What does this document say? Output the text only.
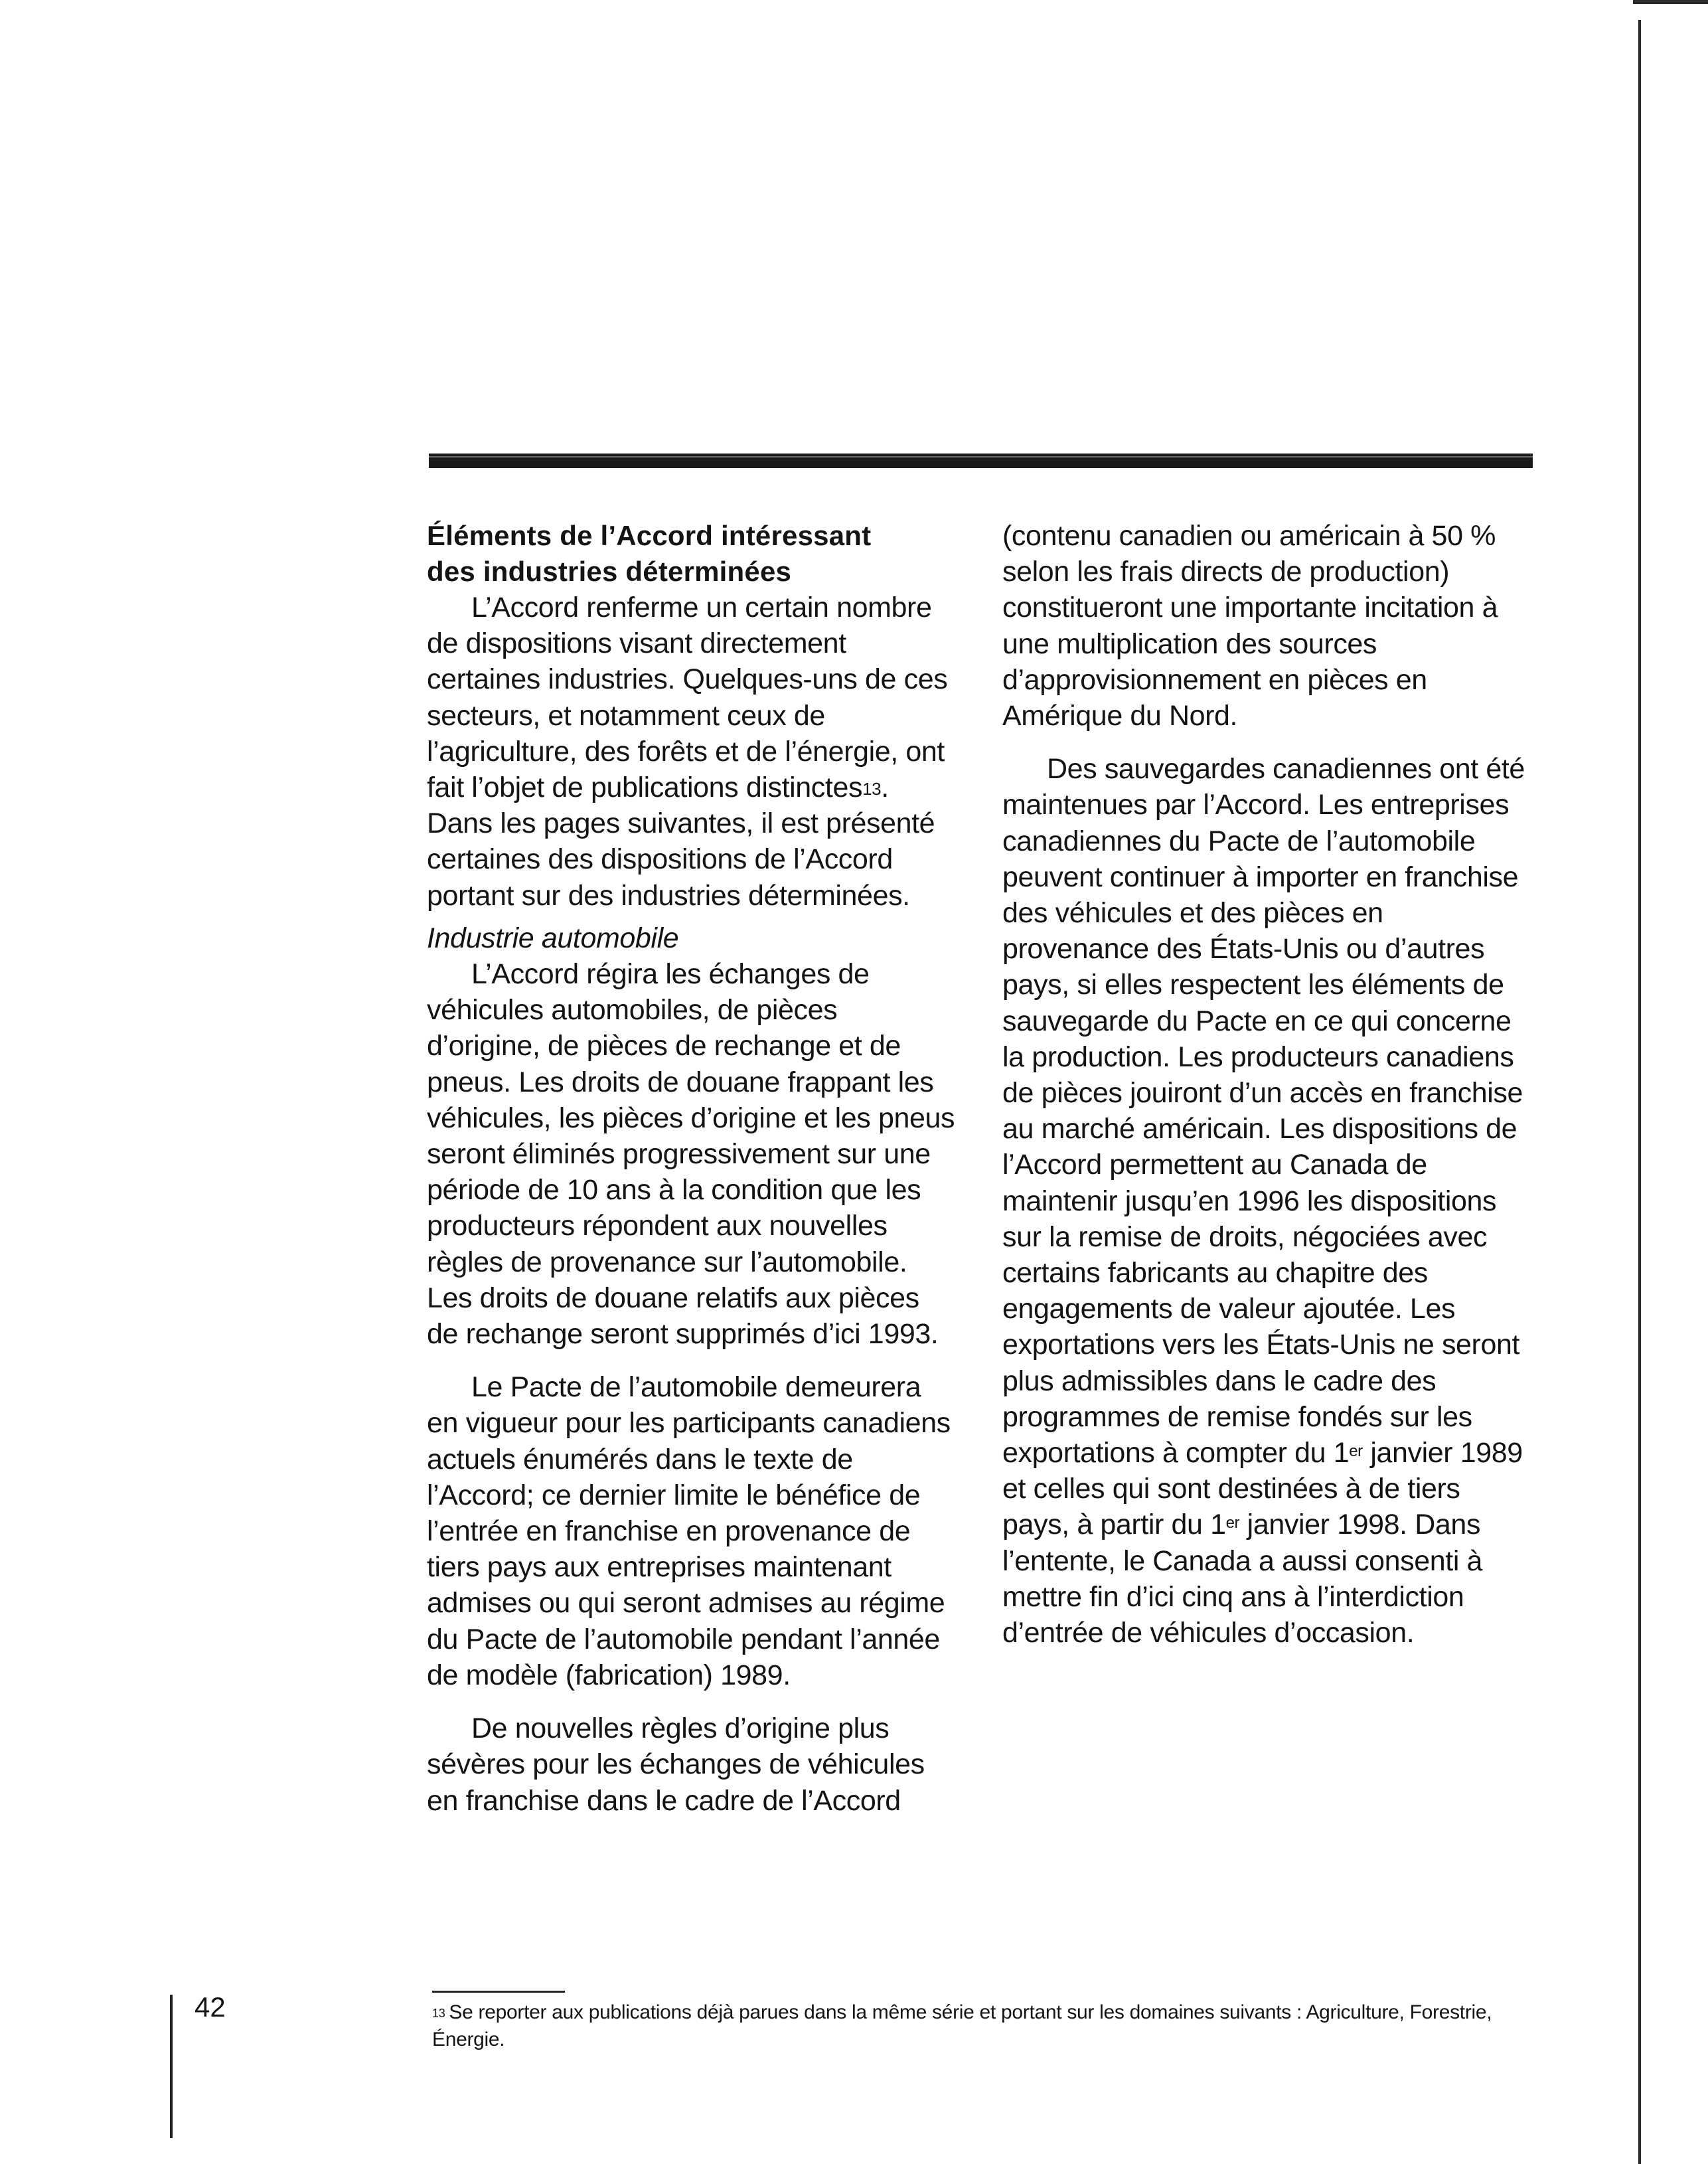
Éléments de l’Accord intéressant
des industries déterminées

L’Accord renferme un certain nombre de dispositions visant directement certaines industries. Quelques-uns de ces secteurs, et notamment ceux de l’agriculture, des forêts et de l’énergie, ont fait l’objet de publications distinctes$^{13}$. Dans les pages suivantes, il est présenté certaines des dispositions de l’Accord portant sur des industries déterminées.

Industrie automobile

L’Accord régira les échanges de véhicules automobiles, de pièces d’origine, de pièces de rechange et de pneus. Les droits de douane frappant les véhicules, les pièces d’origine et les pneus seront éliminés progressivement sur une période de 10 ans à la condition que les producteurs répondent aux nouvelles règles de provenance sur l’automobile. Les droits de douane relatifs aux pièces de rechange seront supprimés d’ici 1993.

Le Pacte de l’automobile demeurera en vigueur pour les participants canadiens actuels énumérés dans le texte de l’Accord; ce dernier limite le bénéfice de l’entrée en franchise en provenance de tiers pays aux entreprises maintenant admises ou qui seront admises au régime du Pacte de l’automobile pendant l’année de modèle (fabrication) 1989.

De nouvelles règles d’origine plus sévères pour les échanges de véhicules en franchise dans le cadre de l’Accord

(contenu canadien ou américain à 50 % selon les frais directs de production) constitueront une importante incitation à une multiplication des sources d’approvisionnement en pièces en Amérique du Nord.

Des sauvegardes canadiennes ont été maintenues par l’Accord. Les entreprises canadiennes du Pacte de l’automobile peuvent continuer à importer en franchise des véhicules et des pièces en provenance des États-Unis ou d’autres pays, si elles respectent les éléments de sauvegarde du Pacte en ce qui concerne la production. Les producteurs canadiens de pièces jouiront d’un accès en franchise au marché américain. Les dispositions de l’Accord permettent au Canada de maintenir jusqu’en 1996 les dispositions sur la remise de droits, négociées avec certains fabricants au chapitre des engagements de valeur ajoutée. Les exportations vers les États-Unis ne seront plus admissibles dans le cadre des programmes de remise fondés sur les exportations à compter du 1er janvier 1989 et celles qui sont destinées à de tiers pays, à partir du 1er janvier 1998. Dans l’entente, le Canada a aussi consenti à mettre fin d’ici cinq ans à l’interdiction d’entrée de véhicules d’occasion.

42	$^{13}$ Se reporter aux publications déjà parues dans la même série et portant sur les domaines suivants : Agriculture, Forestrie, Énergie.
